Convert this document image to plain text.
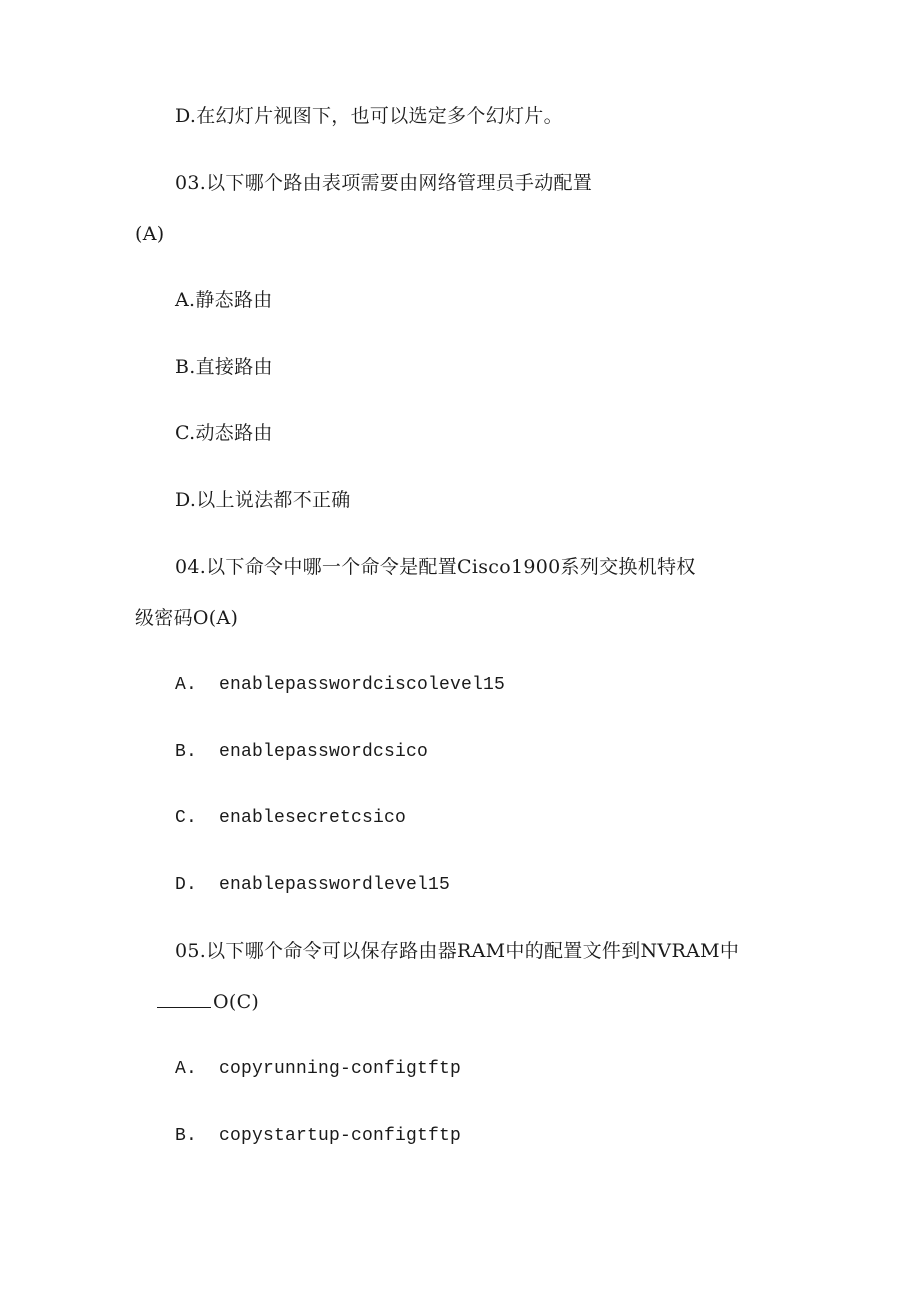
D.在幻灯片视图下，也可以选定多个幻灯片。
03.以下哪个路由表项需要由网络管理员手动配置
(A)
A.静态路由
B.直接路由
C.动态路由
D.以上说法都不正确
04.以下命令中哪一个命令是配置Cisco1900系列交换机特权
级密码O(A)
A.  enablepasswordciscolevel15
B.  enablepasswordcsico
C.  enablesecretcsico
D.  enablepasswordlevel15
05.以下哪个命令可以保存路由器RAM中的配置文件到NVRAM中
O(C)
A.  copyrunning-configtftp
B.  copystartup-configtftp
